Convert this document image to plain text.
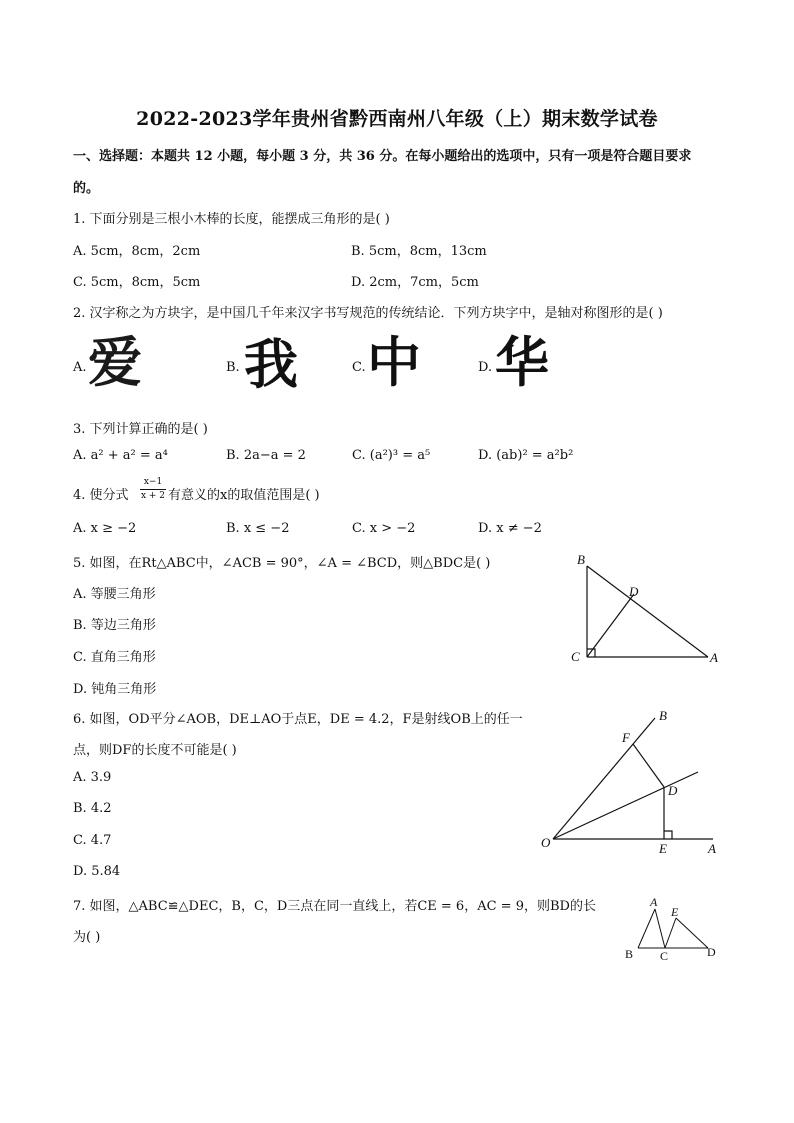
2022-2023学年贵州省黔西南州八年级（上）期末数学试卷
一、选择题：本题共 12 小题，每小题 3 分，共 36 分。在每小题给出的选项中，只有一项是符合题目要求
的。
1. 下面分别是三根小木棒的长度，能摆成三角形的是( )
A. 5cm，8cm，2cm	B. 5cm，8cm，13cm
C. 5cm，8cm，5cm	D. 2cm，7cm，5cm
2. 汉字称之为方块字，是中国几千年来汉字书写规范的传统结论．下列方块字中，是轴对称图形的是( )
A. 爱	B. 我	C. 中	D. 华
3. 下列计算正确的是( )
A. a² + a² = a⁴	B. 2a−a = 2	C. (a²)³ = a⁵	D. (ab)² = a²b²
4. 使分式
x−1
x + 2 有意义的x的取值范围是( )
A. x ≥ −2	B. x ≤ −2	C. x > −2	D. x ≠ −2
5. 如图，在Rt△ABC中，∠ACB = 90°，∠A = ∠BCD，则△BDC是( )
A. 等腰三角形
B. 等边三角形
C. 直角三角形
D. 钝角三角形
B
D
C	A
6. 如图，OD平分∠AOB，DE⊥AO于点E，DE = 4.2，F是射线OB上的任一
点，则DF的长度不可能是( )
A. 3.9
B. 4.2
C. 4.7
D. 5.84
B
F
D
O	E	A
7. 如图，△ABC≌△DEC，B，C，D三点在同一直线上，若CE = 6，AC = 9，则BD的长
为( )
A
E
B C	D
